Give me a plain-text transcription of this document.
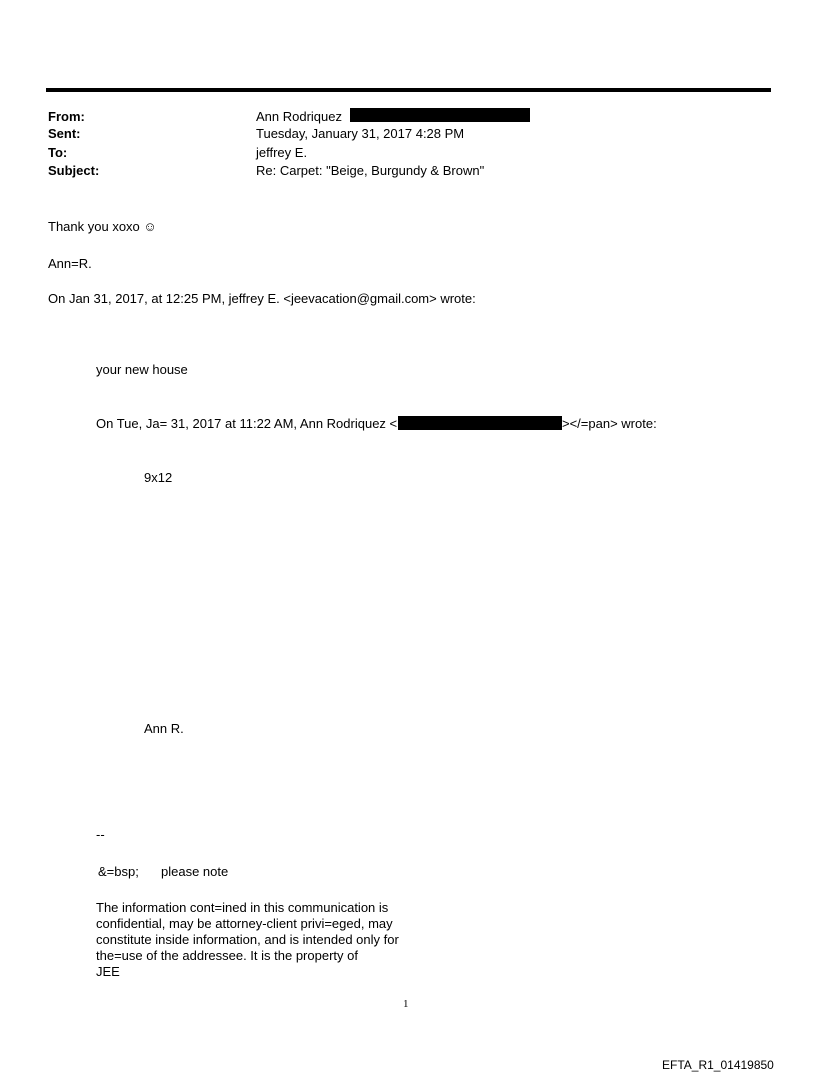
From:	Ann Rodriquez
Sent:	Tuesday, January 31, 2017 4:28 PM
To:	jeffrey E.
Subject:	Re: Carpet: "Beige, Burgundy & Brown"
Thank you xoxo ☺
Ann=R.
On Jan 31, 2017, at 12:25 PM, jeffrey E. <jeevacation@gmail.com> wrote:
your new house
On Tue, Ja= 31, 2017 at 11:22 AM, Ann Rodriquez <	></=pan> wrote:
9x12
Ann R.
--
&=bsp; please note
The information cont=ined in this communication is
confidential, may be attorney-client privi=eged, may
constitute inside information, and is intended only for
the=use of the addressee. It is the property of
JEE
1
EFTA_R1_01419850
